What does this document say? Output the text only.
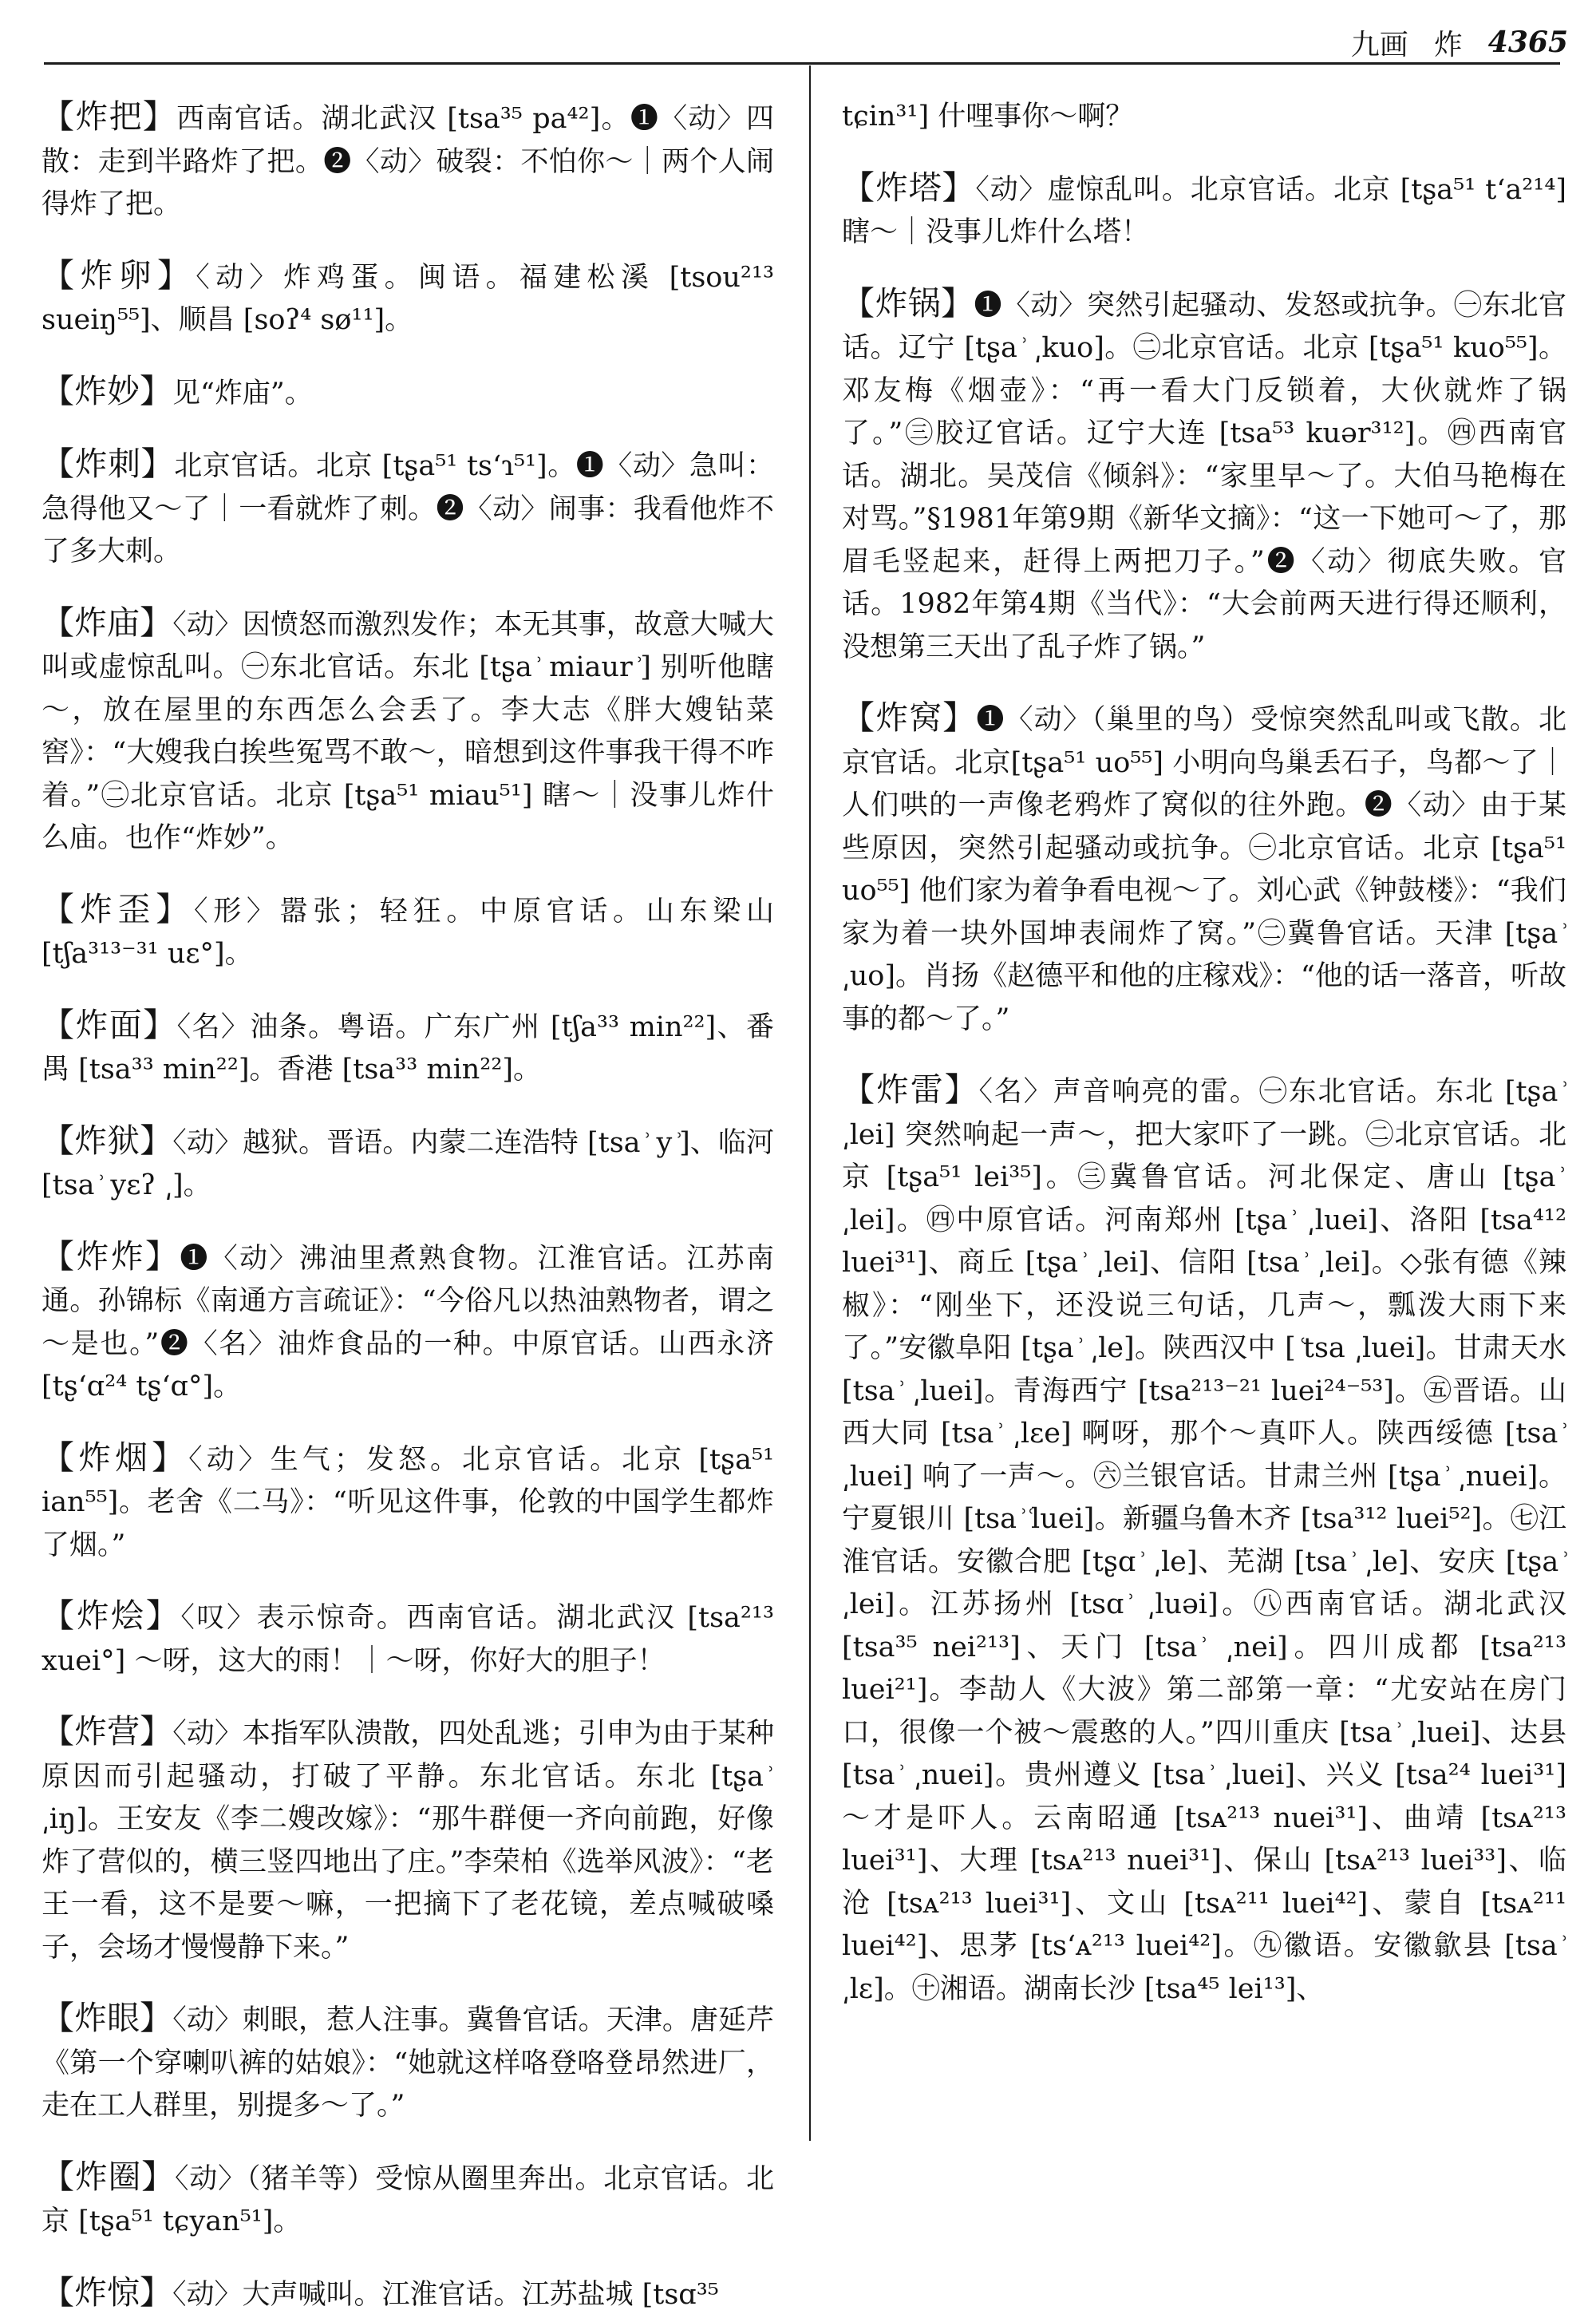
九画 炸 4365

【炸把】西南官话。湖北武汉 [tsa³⁵ pa⁴²]。❶〈动〉四散：走到半路炸了把。❷〈动〉破裂：不怕你～｜两个人闹得炸了把。

【炸卵】〈动〉炸鸡蛋。闽语。福建松溪 [tsou²¹³ sueiŋ⁵⁵]、顺昌 [soʔ⁴ sø¹¹]。

【炸妙】见“炸庙”。

【炸刺】北京官话。北京 [tʂa⁵¹ tsʻɿ⁵¹]。❶〈动〉急叫：急得他又～了｜一看就炸了刺。❷〈动〉闹事：我看他炸不了多大刺。

【炸庙】〈动〉因愤怒而激烈发作；本无其事，故意大喊大叫或虚惊乱叫。㊀东北官话。东北 [tʂa ͗ miaur ͗] 别听他瞎～，放在屋里的东西怎么会丢了。李大志《胖大嫂钻菜窖》：“大嫂我白挨些冤骂不敢～，暗想到这件事我干得不咋着。”㊁北京官话。北京 [tʂa⁵¹ miau⁵¹] 瞎～｜没事儿炸什么庙。也作“炸妙”。

【炸歪】〈形〉嚣张；轻狂。中原官话。山东梁山 [tʃa³¹³⁻³¹ uɛ°]。

【炸面】〈名〉油条。粤语。广东广州 [tʃa³³ min²²]、番禺 [tsa³³ min²²]。香港 [tsa³³ min²²]。

【炸狱】〈动〉越狱。晋语。内蒙二连浩特 [tsa ͗ y ͗]、临河 [tsa ͗ yɛʔ ͵]。

【炸炸】❶〈动〉沸油里煮熟食物。江淮官话。江苏南通。孙锦标《南通方言疏证》：“今俗凡以热油熟物者，谓之～是也。”❷〈名〉油炸食品的一种。中原官话。山西永济 [tʂʻɑ²⁴ tʂʻɑ°]。

【炸烟】〈动〉生气；发怒。北京官话。北京 [tʂa⁵¹ ian⁵⁵]。老舍《二马》：“听见这件事，伦敦的中国学生都炸了烟。”

【炸烩】〈叹〉表示惊奇。西南官话。湖北武汉 [tsa²¹³ xuei°] ～呀，这大的雨！｜～呀，你好大的胆子！

【炸营】〈动〉本指军队溃散，四处乱逃；引申为由于某种原因而引起骚动，打破了平静。东北官话。东北 [tʂa ͗ ͵iŋ]。王安友《李二嫂改嫁》：“那牛群便一齐向前跑，好像炸了营似的，横三竖四地出了庄。”李荣柏《选举风波》：“老王一看，这不是要～嘛，一把摘下了老花镜，差点喊破嗓子，会场才慢慢静下来。”

【炸眼】〈动〉刺眼，惹人注事。冀鲁官话。天津。唐延芹《第一个穿喇叭裤的姑娘》：“她就这样咯登咯登昂然进厂，走在工人群里，别提多～了。”

【炸圈】〈动〉（猪羊等）受惊从圈里奔出。北京官话。北京 [tʂa⁵¹ tɕyan⁵¹]。

【炸惊】〈动〉大声喊叫。江淮官话。江苏盐城 [tsɑ³⁵

tɕin³¹] 什哩事你～啊？

【炸塔】〈动〉虚惊乱叫。北京官话。北京 [tʂa⁵¹ tʻa²¹⁴] 瞎～｜没事儿炸什么塔！

【炸锅】❶〈动〉突然引起骚动、发怒或抗争。㊀东北官话。辽宁 [tʂa ͗ ͵kuo]。㊁北京官话。北京 [tʂa⁵¹ kuo⁵⁵]。邓友梅《烟壶》：“再一看大门反锁着，大伙就炸了锅了。”㊂胶辽官话。辽宁大连 [tsa⁵³ kuər³¹²]。㊃西南官话。湖北。吴茂信《倾斜》：“家里早～了。大伯马艳梅在对骂。”§1981年第9期《新华文摘》：“这一下她可～了，那眉毛竖起来，赶得上两把刀子。”❷〈动〉彻底失败。官话。1982年第4期《当代》：“大会前两天进行得还顺利，没想第三天出了乱子炸了锅。”

【炸窝】❶〈动〉（巢里的鸟）受惊突然乱叫或飞散。北京官话。北京[tʂa⁵¹ uo⁵⁵] 小明向鸟巢丢石子，鸟都～了｜人们哄的一声像老鸦炸了窝似的往外跑。❷〈动〉由于某些原因，突然引起骚动或抗争。㊀北京官话。北京 [tʂa⁵¹ uo⁵⁵] 他们家为着争看电视～了。刘心武《钟鼓楼》：“我们家为着一块外国坤表闹炸了窝。”㊁冀鲁官话。天津 [tʂa ͗ ͵uo]。肖扬《赵德平和他的庄稼戏》：“他的话一落音，听故事的都～了。”

【炸雷】〈名〉声音响亮的雷。㊀东北官话。东北 [tʂa ͗ ͵lei] 突然响起一声～，把大家吓了一跳。㊁北京官话。北京 [tʂa⁵¹ lei³⁵]。㊂冀鲁官话。河北保定、唐山 [tʂa ͗ ͵lei]。㊃中原官话。河南郑州 [tʂa ͗ ͵luei]、洛阳 [tsa⁴¹² luei³¹]、商丘 [tʂa ͗ ͵lei]、信阳 [tsa ͗ ͵lei]。◇张有德《辣椒》：“刚坐下，还没说三句话，几声～，瓢泼大雨下来了。”安徽阜阳 [tʂa ͗ ͵le]。陕西汉中 [ ͑tsa ͵luei]。甘肃天水 [tsa ͗ ͵luei]。青海西宁 [tsa²¹³⁻²¹ luei²⁴⁻⁵³]。㊄晋语。山西大同 [tsa ͗ ͵lɛe] 啊呀，那个～真吓人。陕西绥德 [tsa ͗ ͵luei] 响了一声～。㊅兰银官话。甘肃兰州 [tʂa ͗ ͵nuei]。宁夏银川 [tsa ͗ ͑luei]。新疆乌鲁木齐 [tsa³¹² luei⁵²]。㊆江淮官话。安徽合肥 [tʂɑ ͗ ͵le]、芜湖 [tsa ͗ ͵le]、安庆 [tʂa ͗ ͵lei]。江苏扬州 [tsɑ ͗ ͵luəi]。㊇西南官话。湖北武汉 [tsa³⁵ nei²¹³]、天门 [tsa ͗ ͵nei]。四川成都 [tsa²¹³ luei²¹]。李劼人《大波》第二部第一章：“尤安站在房门口，很像一个被～震憨的人。”四川重庆 [tsa ͗ ͵luei]、达县 [tsa ͗ ͵nuei]。贵州遵义 [tsa ͗ ͵luei]、兴义 [tsa²⁴ luei³¹] ～才是吓人。云南昭通 [tsᴀ²¹³ nuei³¹]、曲靖 [tsᴀ²¹³ luei³¹]、大理 [tsᴀ²¹³ nuei³¹]、保山 [tsᴀ²¹³ luei³³]、临沧 [tsᴀ²¹³ luei³¹]、文山 [tsᴀ²¹¹ luei⁴²]、蒙自 [tsᴀ²¹¹ luei⁴²]、思茅 [tsʻᴀ²¹³ luei⁴²]。㊈徽语。安徽歙县 [tsa ͗ ͵lɛ]。㊉湘语。湖南长沙 [tsa⁴⁵ lei¹³]、
